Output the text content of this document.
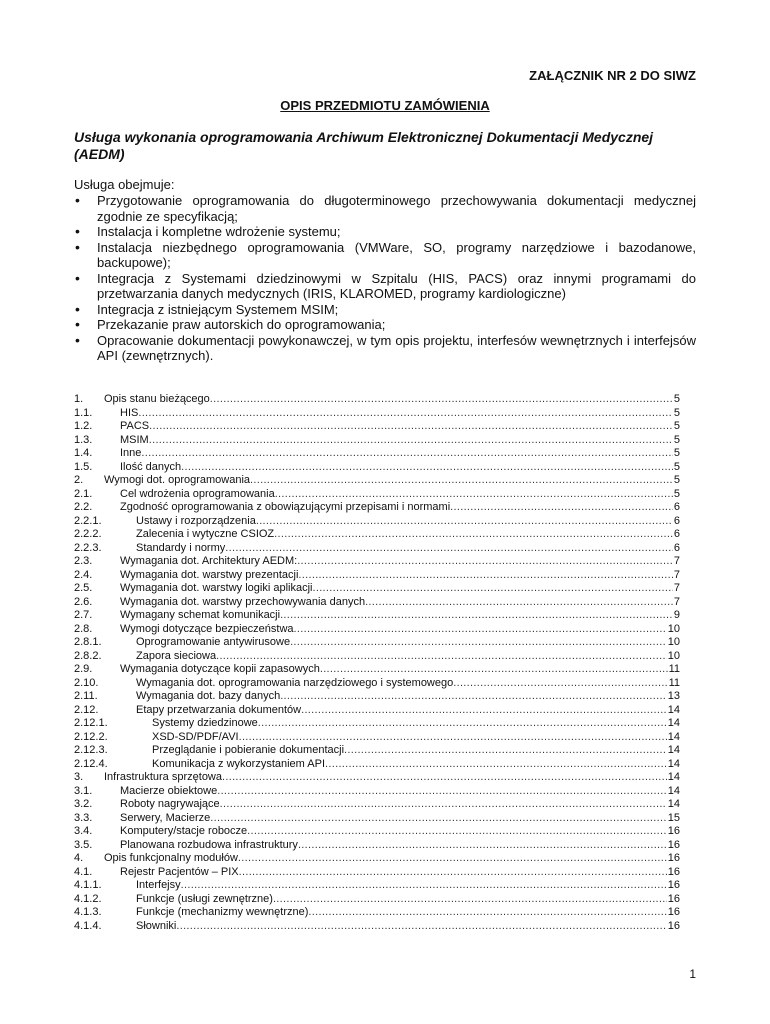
ZAŁĄCZNIK NR 2 DO SIWZ
OPIS PRZEDMIOTU ZAMÓWIENIA
Usługa wykonania oprogramowania Archiwum Elektronicznej Dokumentacji Medycznej (AEDM)
Usługa obejmuje:
• Przygotowanie oprogramowania do długoterminowego przechowywania dokumentacji medycznej zgodnie ze specyfikacją;
• Instalacja i kompletne wdrożenie systemu;
• Instalacja niezbędnego oprogramowania (VMWare, SO, programy narzędziowe i bazodanowe, backupowe);
• Integracja z Systemami dziedzinowymi w Szpitalu (HIS, PACS) oraz innymi programami do przetwarzania danych medycznych (IRIS, KLAROMED, programy kardiologiczne)
• Integracja z istniejącym Systemem MSIM;
• Przekazanie praw autorskich do oprogramowania;
• Opracowanie dokumentacji powykonawczej, w tym opis projektu, interfesów wewnętrznych i interfejsów API (zewnętrznych).
1. Opis stanu bieżącego .....	5
1.1.	HIS .....	5
1.2.	PACS .....	5
1.3.	MSIM .....	5
1.4.	Inne .....	5
1.5.	Ilość danych .....	5
2. Wymogi dot. oprogramowania .....	5
2.1.	Cel wdrożenia oprogramowania .....	5
2.2.	Zgodność oprogramowania z obowiązującymi przepisami i normami .....	6
2.2.1.	Ustawy i rozporządzenia .....	6
2.2.2.	Zalecenia i wytyczne CSIOZ .....	6
2.2.3.	Standardy i normy .....	6
2.3.	Wymagania dot. Architektury AEDM: .....	7
2.4.	Wymagania dot. warstwy prezentacji .....	7
2.5.	Wymagania dot. warstwy logiki aplikacji .....	7
2.6.	Wymagania dot. warstwy przechowywania danych .....	7
2.7.	Wymagany schemat komunikacji .....	9
2.8.	Wymogi dotyczące bezpieczeństwa .....	10
2.8.1.	Oprogramowanie antywirusowe .....	10
2.8.2.	Zapora sieciowa .....	10
2.9.	Wymagania dotyczące kopii zapasowych .....	11
2.10.	Wymagania dot. oprogramowania narzędziowego i systemowego .....	11
2.11.	Wymagania dot. bazy danych .....	13
2.12.	Etapy przetwarzania dokumentów .....	14
2.12.1.	Systemy dziedzinowe .....	14
2.12.2.	XSD-SD/PDF/AVI .....	14
2.12.3.	Przeglądanie i pobieranie dokumentacji .....	14
2.12.4.	Komunikacja z wykorzystaniem API .....	14
3. Infrastruktura sprzętowa .....	14
3.1.	Macierze obiektowe .....	14
3.2.	Roboty nagrywające .....	14
3.3.	Serwery, Macierze .....	15
3.4.	Komputery/stacje robocze .....	16
3.5.	Planowana rozbudowa infrastruktury .....	16
4. Opis funkcjonalny modułów .....	16
4.1.	Rejestr Pacjentów – PIX .....	16
4.1.1.	Interfejsy .....	16
4.1.2.	Funkcje (usługi zewnętrzne) .....	16
4.1.3.	Funkcje (mechanizmy wewnętrzne) .....	16
4.1.4.	Słowniki .....	16
1
